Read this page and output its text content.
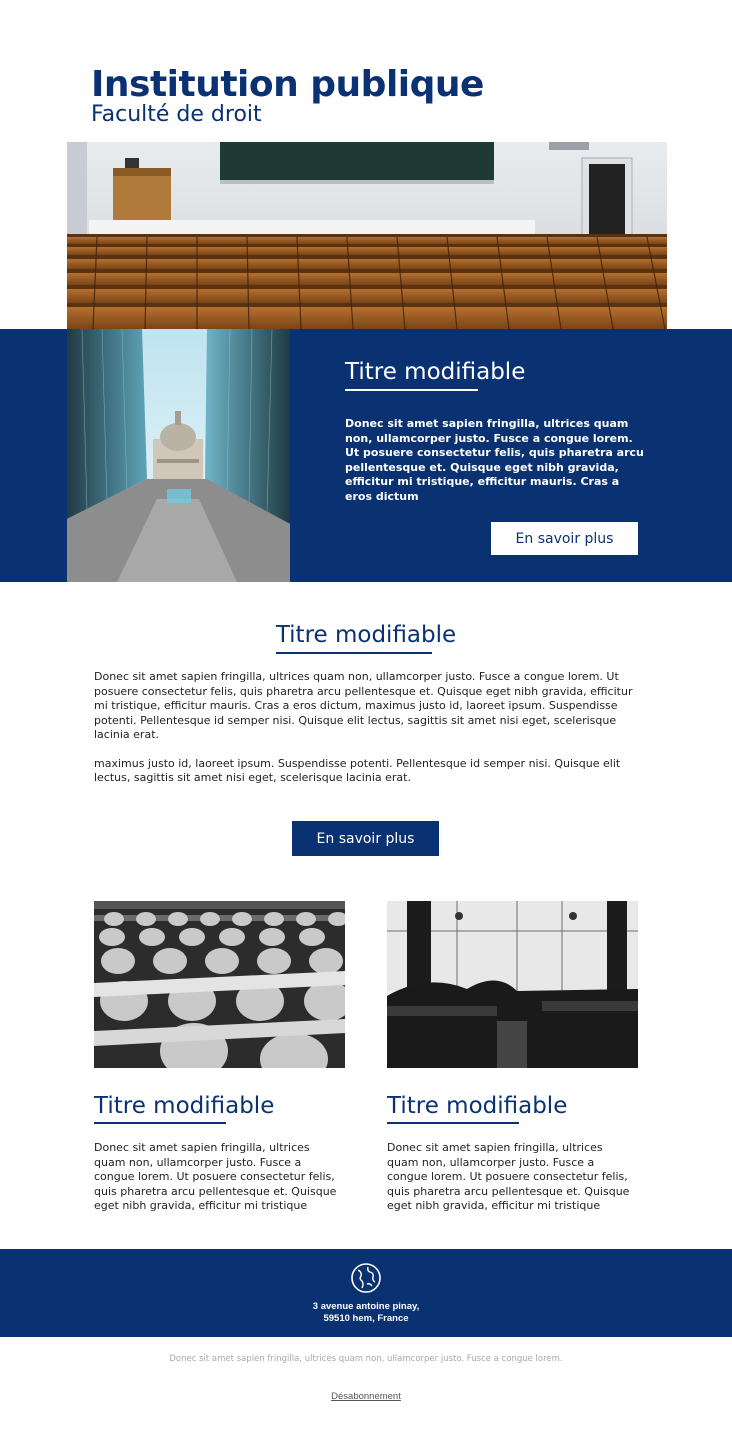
Institution publique
Faculté de droit
Titre modifiable
Donec sit amet sapien fringilla, ultrices quam non, ullamcorper justo. Fusce a congue lorem. Ut posuere consectetur felis, quis pharetra arcu pellentesque et. Quisque eget nibh gravida, efficitur mi tristique, efficitur mauris. Cras a eros dictum
En savoir plus
Titre modifiable

Donec sit amet sapien fringilla, ultrices quam non, ullamcorper justo. Fusce a congue lorem. Ut posuere consectetur felis, quis pharetra arcu pellentesque et. Quisque eget nibh gravida, efficitur mi tristique, efficitur mauris. Cras a eros dictum, maximus justo id, laoreet ipsum. Suspendisse potenti. Pellentesque id semper nisi. Quisque elit lectus, sagittis sit amet nisi eget, scelerisque lacinia erat.

maximus justo id, laoreet ipsum. Suspendisse potenti. Pellentesque id semper nisi. Quisque elit lectus, sagittis sit amet nisi eget, scelerisque lacinia erat.

En savoir plus
Titre modifiable
Donec sit amet sapien fringilla, ultrices quam non, ullamcorper justo. Fusce a congue lorem. Ut posuere consectetur felis, quis pharetra arcu pellentesque et. Quisque eget nibh gravida, efficitur mi tristique
Titre modifiable
Donec sit amet sapien fringilla, ultrices quam non, ullamcorper justo. Fusce a congue lorem. Ut posuere consectetur felis, quis pharetra arcu pellentesque et. Quisque eget nibh gravida, efficitur mi tristique
3 avenue antoine pinay,
59510 hem, France
Donec sit amet sapien fringilla, ultrices quam non, ullamcorper justo. Fusce a congue lorem.
Désabonnement
